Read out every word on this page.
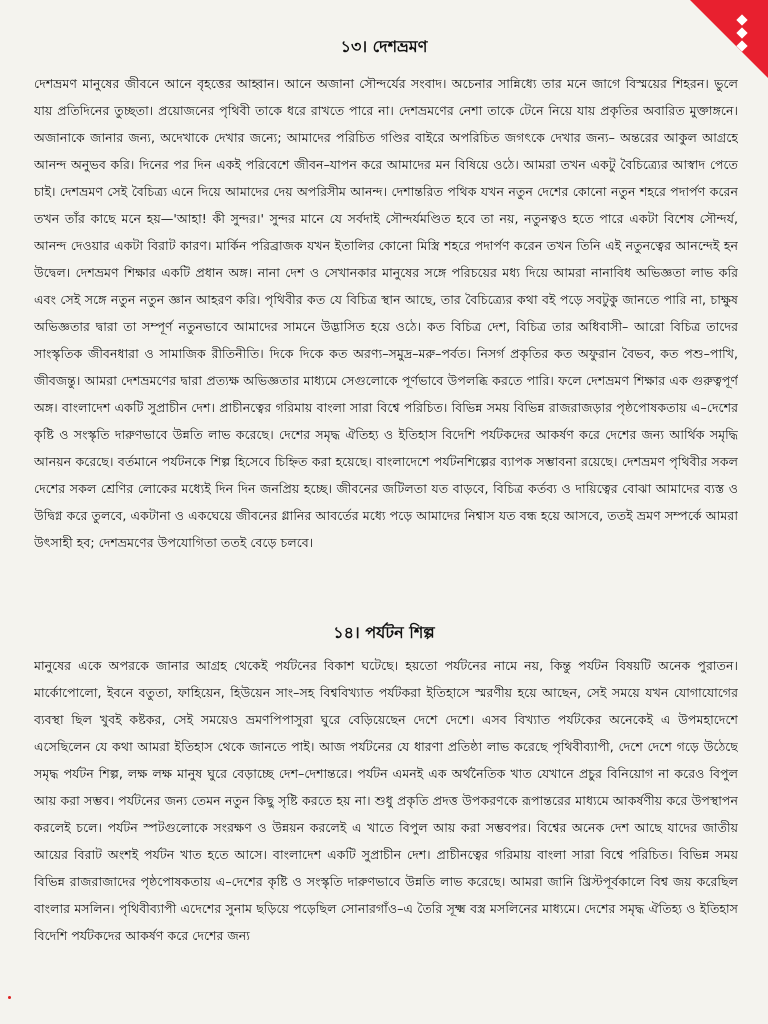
১৩। দেশভ্রমণ
দেশভ্রমণ মানুষের জীবনে আনে বৃহত্তের আহ্বান। আনে অজানা সৌন্দর্যের সংবাদ। অচেনার সান্নিধ্যে তার মনে জাগে বিস্ময়ের শিহরন। ভুলে যায় প্রতিদিনের তুচ্ছতা। প্রয়োজনের পৃথিবী তাকে ধরে রাখতে পারে না। দেশভ্রমণের নেশা তাকে টেনে নিয়ে যায় প্রকৃতির অবারিত মুক্তাঙ্গনে। অজানাকে জানার জন্য, অদেখাকে দেখার জন্যে; আমাদের পরিচিত গণ্ডির বাইরে অপরিচিত জগৎকে দেখার জন্য– অন্তরের আকুল আগ্রহে আনন্দ অনুভব করি। দিনের পর দিন একই পরিবেশে জীবন–যাপন করে আমাদের মন বিষিয়ে ওঠে। আমরা তখন একটু বৈচিত্র্যের আস্বাদ পেতে চাই। দেশভ্রমণ সেই বৈচিত্র্য এনে দিয়ে আমাদের দেয় অপরিসীম আনন্দ। দেশান্তরিত পথিক যখন নতুন দেশের কোনো নতুন শহরে পদার্পণ করেন তখন তাঁর কাছে মনে হয়—'আহা! কী সুন্দর।' সুন্দর মানে যে সর্বদাই সৌন্দর্যমণ্ডিত হবে তা নয়, নতুনত্বও হতে পারে একটা বিশেষ সৌন্দর্য, আনন্দ দেওয়ার একটা বিরাট কারণ। মার্কিন পরিব্রাজক যখন ইতালির কোনো মিস্ত্রি শহরে পদার্পণ করেন তখন তিনি এই নতুনত্বের আনন্দেই হন উদ্বেল। দেশভ্রমণ শিক্ষার একটি প্রধান অঙ্গ। নানা দেশ ও সেখানকার মানুষের সঙ্গে পরিচয়ের মধ্য দিয়ে আমরা নানাবিধ অভিজ্ঞতা লাভ করি এবং সেই সঙ্গে নতুন নতুন জ্ঞান আহরণ করি। পৃথিবীর কত যে বিচিত্র স্থান আছে, তার বৈচিত্র্যের কথা বই পড়ে সবটুকু জানতে পারি না, চাক্ষুষ অভিজ্ঞতার দ্বারা তা সম্পূর্ণ নতুনভাবে আমাদের সামনে উদ্ভাসিত হয়ে ওঠে। কত বিচিত্র দেশ, বিচিত্র তার অধিবাসী– আরো বিচিত্র তাদের সাংস্কৃতিক জীবনধারা ও সামাজিক রীতিনীতি। দিকে দিকে কত অরণ্য–সমুদ্র–মরু–পর্বত। নিসর্গ প্রকৃতির কত অফুরান বৈভব, কত পশু–পাখি, জীবজন্তু। আমরা দেশভ্রমণের দ্বারা প্রত্যক্ষ অভিজ্ঞতার মাধ্যমে সেগুলোকে পূর্ণভাবে উপলব্ধি করতে পারি। ফলে দেশভ্রমণ শিক্ষার এক গুরুত্বপূর্ণ অঙ্গ। বাংলাদেশ একটি সুপ্রাচীন দেশ। প্রাচীনত্বের গরিমায় বাংলা সারা বিশ্বে পরিচিত। বিভিন্ন সময় বিভিন্ন রাজরাজড়ার পৃষ্ঠপোষকতায় এ–দেশের কৃষ্টি ও সংস্কৃতি দারুণভাবে উন্নতি লাভ করেছে। দেশের সমৃদ্ধ ঐতিহ্য ও ইতিহাস বিদেশি পর্যটকদের আকর্ষণ করে দেশের জন্য আর্থিক সমৃদ্ধি আনয়ন করেছে। বর্তমানে পর্যটনকে শিল্প হিসেবে চিহ্নিত করা হয়েছে। বাংলাদেশে পর্যটনশিল্পের ব্যাপক সম্ভাবনা রয়েছে। দেশভ্রমণ পৃথিবীর সকল দেশের সকল শ্রেণির লোকের মধ্যেই দিন দিন জনপ্রিয় হচ্ছে। জীবনের জটিলতা যত বাড়বে, বিচিত্র কর্তব্য ও দায়িত্বের বোঝা আমাদের ব্যস্ত ও উদ্বিগ্ন করে তুলবে, একটানা ও একঘেয়ে জীবনের গ্লানির আবর্তের মধ্যে পড়ে আমাদের নিশ্বাস যত বন্ধ হয়ে আসবে, ততই ভ্রমণ সম্পর্কে আমরা উৎসাহী হব; দেশভ্রমণের উপযোগিতা ততই বেড়ে চলবে।
১৪। পর্যটন শিল্প
মানুষের একে অপরকে জানার আগ্রহ থেকেই পর্যটনের বিকাশ ঘটেছে। হয়তো পর্যটনের নামে নয়, কিন্তু পর্যটন বিষয়টি অনেক পুরাতন। মার্কোপোলো, ইবনে বতুতা, ফাহিয়েন, হিউয়েন সাং–সহ বিশ্ববিখ্যাত পর্যটকরা ইতিহাসে স্মরণীয় হয়ে আছেন, সেই সময়ে যখন যোগাযোগের ব্যবস্থা ছিল খুবই কষ্টকর, সেই সময়েও ভ্রমণপিপাসুরা ঘুরে বেড়িয়েছেন দেশে দেশে। এসব বিখ্যাত পর্যটকের অনেকেই এ উপমহাদেশে এসেছিলেন যে কথা আমরা ইতিহাস থেকে জানতে পাই। আজ পর্যটনের যে ধারণা প্রতিষ্ঠা লাভ করেছে পৃথিবীব্যাপী, দেশে দেশে গড়ে উঠেছে সমৃদ্ধ পর্যটন শিল্প, লক্ষ লক্ষ মানুষ ঘুরে বেড়াচ্ছে দেশ–দেশান্তরে। পর্যটন এমনই এক অর্থনৈতিক খাত যেখানে প্রচুর বিনিয়োগ না করেও বিপুল আয় করা সম্ভব। পর্যটনের জন্য তেমন নতুন কিছু সৃষ্টি করতে হয় না। শুধু প্রকৃতি প্রদত্ত উপকরণকে রূপান্তরের মাধ্যমে আকর্ষণীয় করে উপস্থাপন করলেই চলে। পর্যটন স্পটগুলোকে সংরক্ষণ ও উন্নয়ন করলেই এ খাতে বিপুল আয় করা সম্ভবপর। বিশ্বের অনেক দেশ আছে যাদের জাতীয় আয়ের বিরাট অংশই পর্যটন খাত হতে আসে। বাংলাদেশ একটি সুপ্রাচীন দেশ। প্রাচীনত্বের গরিমায় বাংলা সারা বিশ্বে পরিচিত। বিভিন্ন সময় বিভিন্ন রাজরাজাদের পৃষ্ঠপোষকতায় এ–দেশের কৃষ্টি ও সংস্কৃতি দারুণভাবে উন্নতি লাভ করেছে। আমরা জানি খ্রিস্টপূর্বকালে বিশ্ব জয় করেছিল বাংলার মসলিন। পৃথিবীব্যাপী এদেশের সুনাম ছড়িয়ে পড়েছিল সোনারগাঁও–এ তৈরি সূক্ষ্ম বস্ত্র মসলিনের মাধ্যমে। দেশের সমৃদ্ধ ঐতিহ্য ও ইতিহাস বিদেশি পর্যটকদের আকর্ষণ করে দেশের জন্য
